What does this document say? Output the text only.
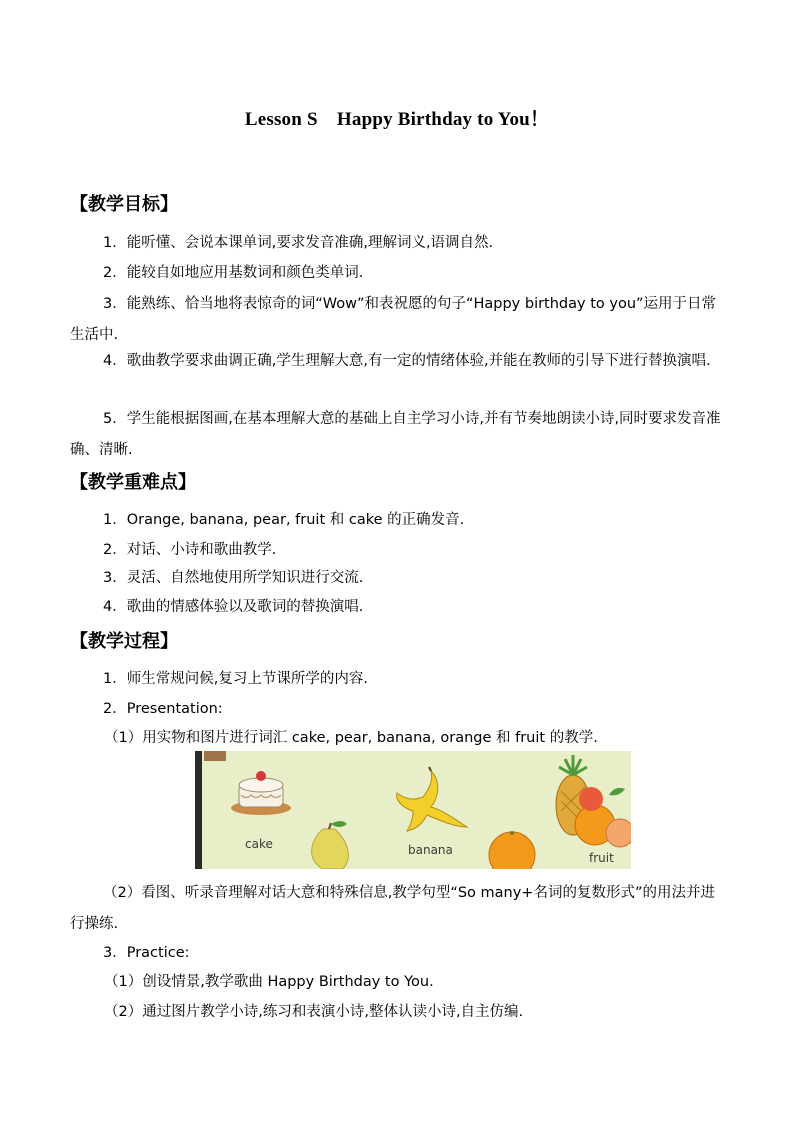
Lesson S　Happy Birthday to You！
【教学目标】
1．能听懂、会说本课单词,要求发音准确,理解词义,语调自然.
2．能较自如地应用基数词和颜色类单词.
3．能熟练、恰当地将表惊奇的词“Wow”和表祝愿的句子“Happy birthday to you”运用于日常生活中.
4．歌曲教学要求曲调正确,学生理解大意,有一定的情绪体验,并能在教师的引导下进行替换演唱.
5．学生能根据图画,在基本理解大意的基础上自主学习小诗,并有节奏地朗读小诗,同时要求发音准确、清晰.
【教学重难点】
1．Orange, banana, pear, fruit 和 cake 的正确发音.
2．对话、小诗和歌曲教学.
3．灵活、自然地使用所学知识进行交流.
4．歌曲的情感体验以及歌词的替换演唱.
【教学过程】
1．师生常规问候,复习上节课所学的内容.
2．Presentation:
（1）用实物和图片进行词汇 cake, pear, banana, orange 和 fruit 的教学.
cake	banana
fruit
（2）看图、听录音理解对话大意和特殊信息,教学句型“So many+名词的复数形式”的用法并进行操练.
3．Practice:
（1）创设情景,教学歌曲 Happy Birthday to You.
（2）通过图片教学小诗,练习和表演小诗,整体认读小诗,自主仿编.
